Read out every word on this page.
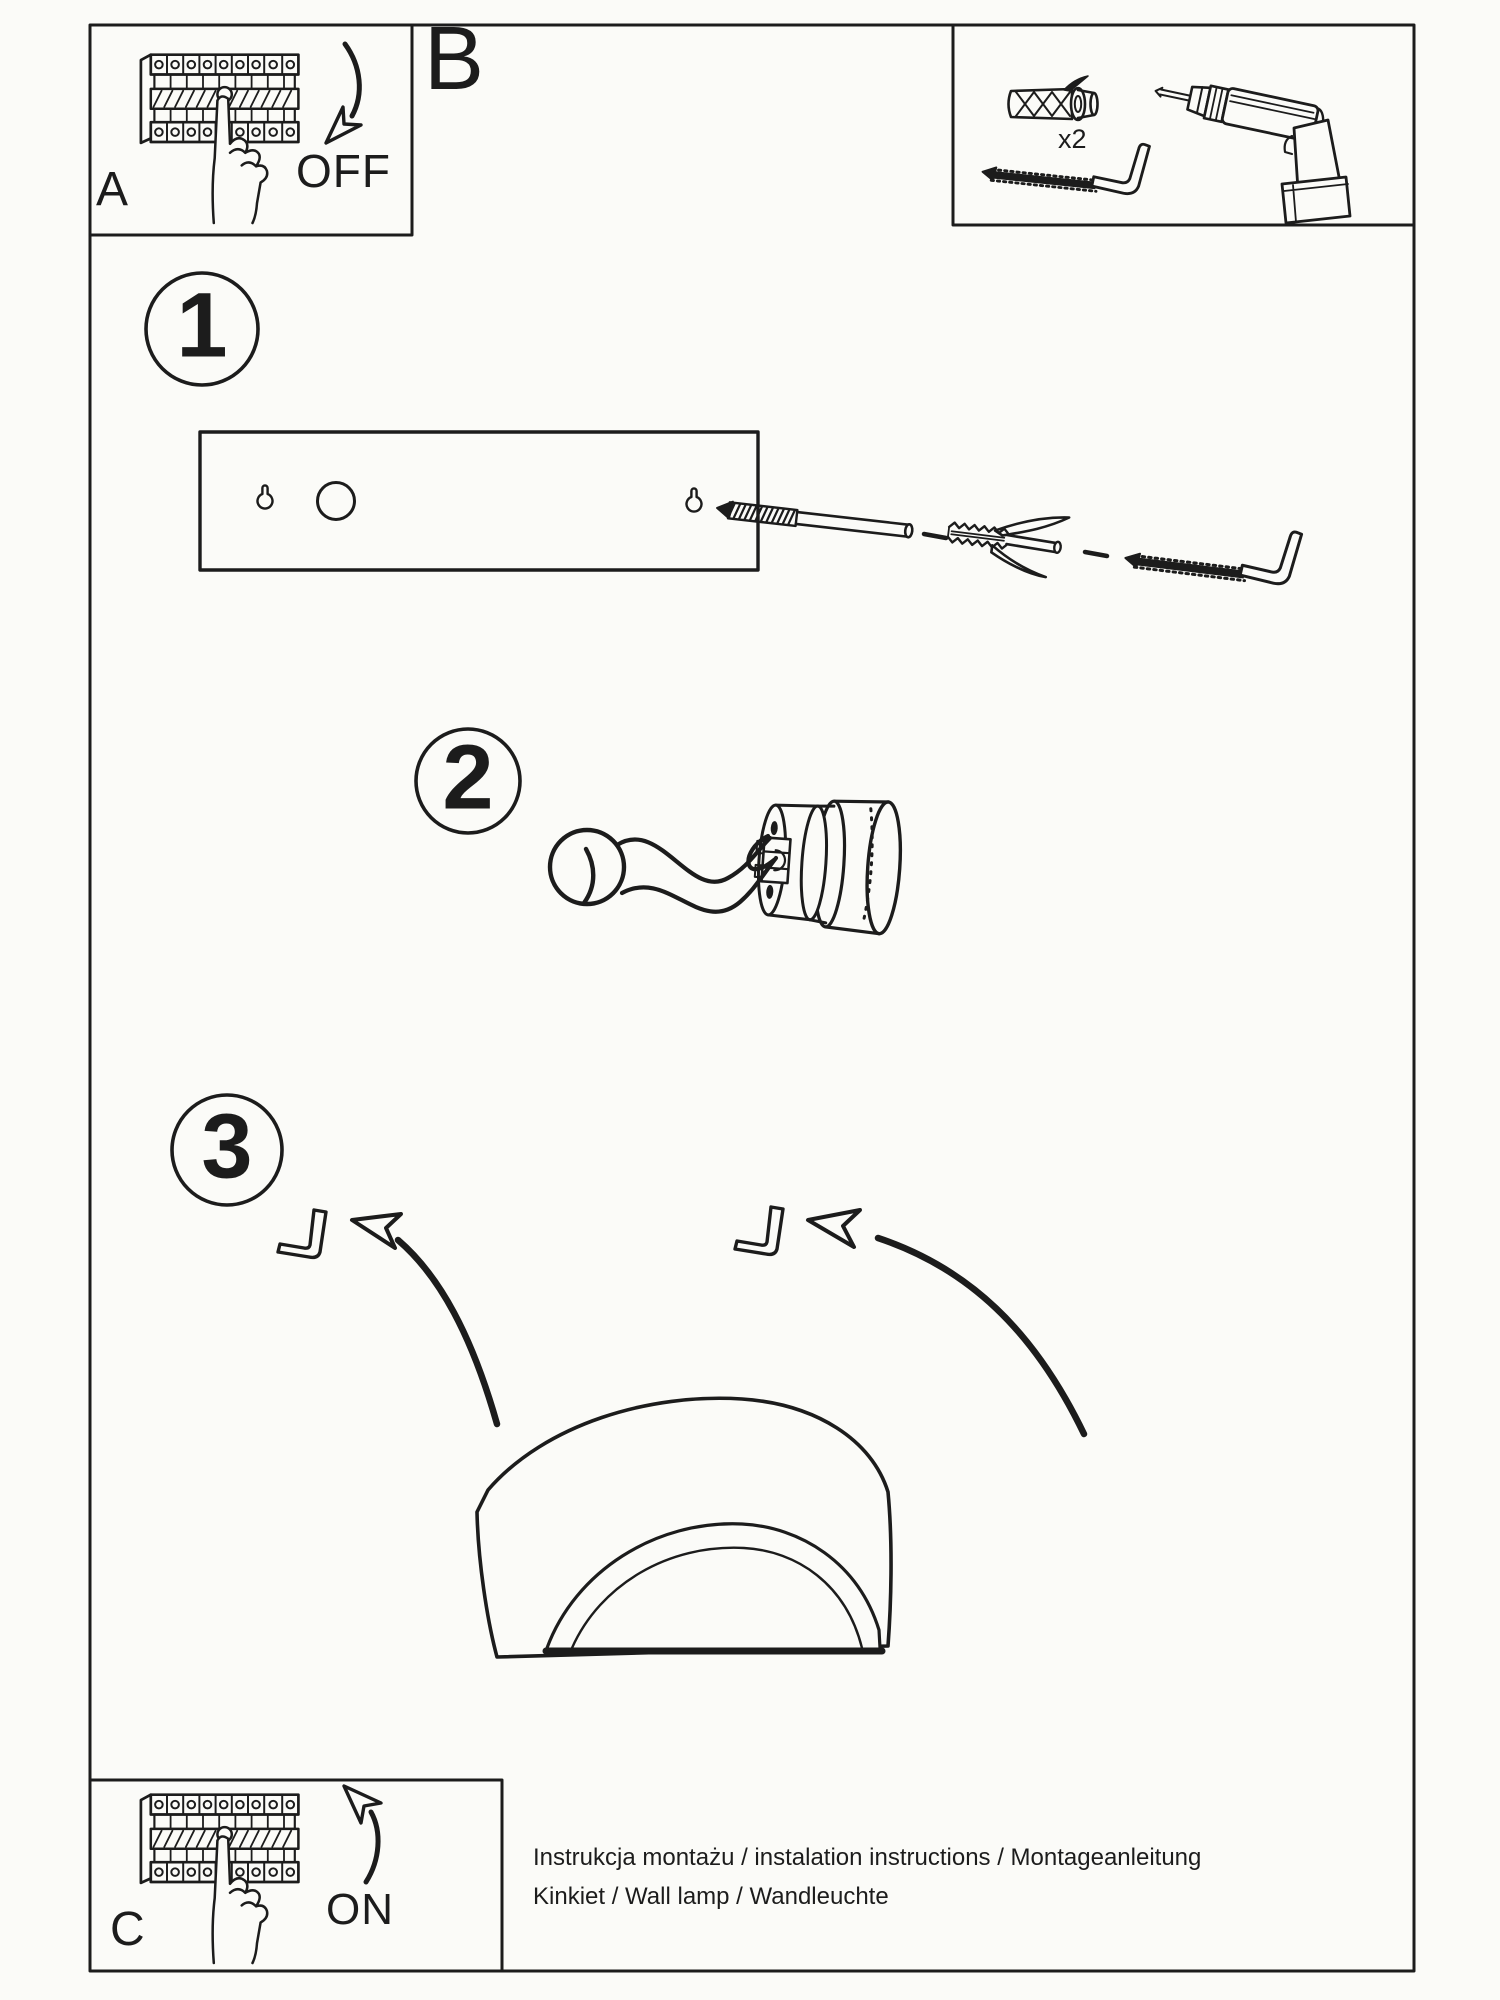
A	OFF
B
x2
1
2
3
C	ON
Instrukcja montażu / instalation instructions / Montageanleitung
Kinkiet / Wall lamp / Wandleuchte
